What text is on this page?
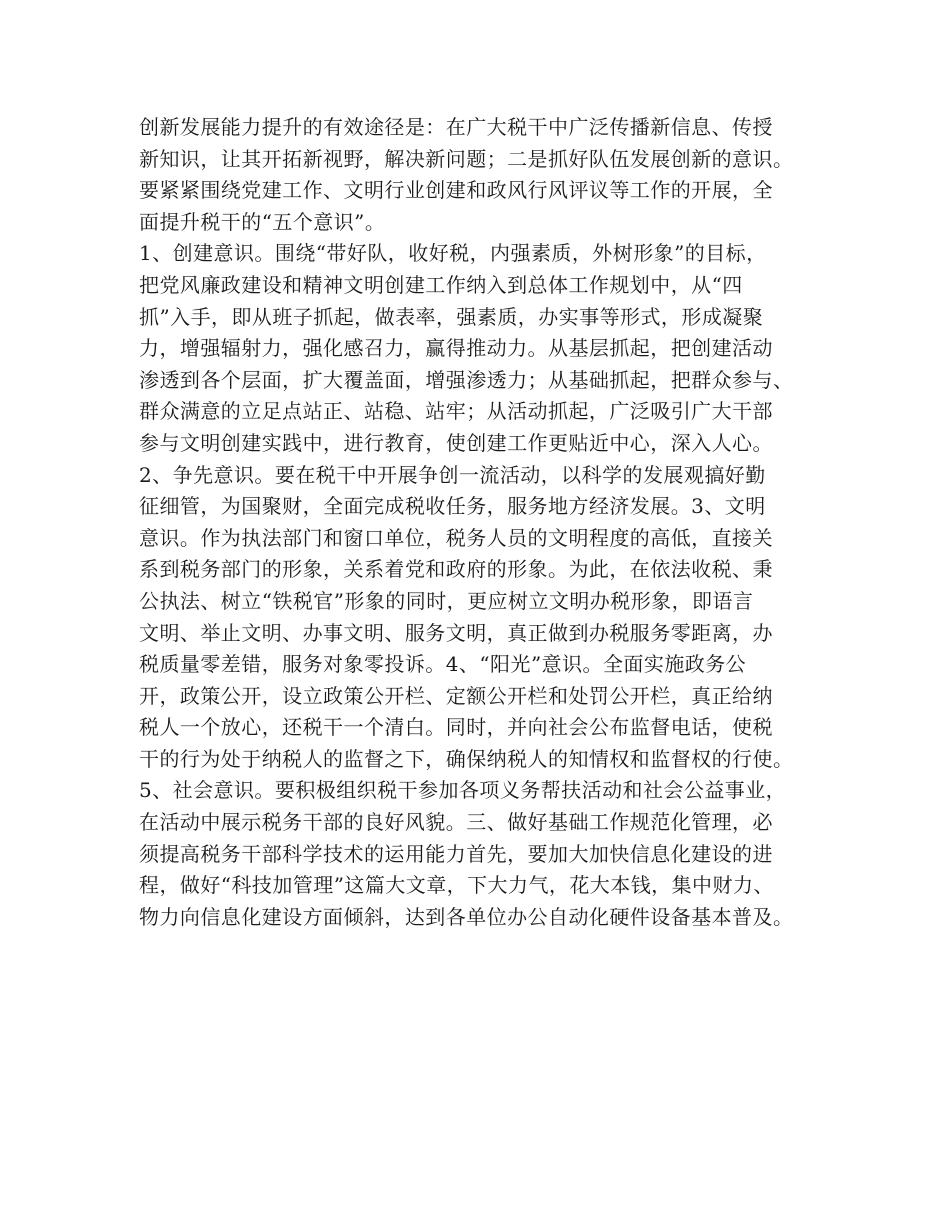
创新发展能力提升的有效途径是：在广大税干中广泛传播新信息、传授
新知识，让其开拓新视野，解决新问题；二是抓好队伍发展创新的意识。
要紧紧围绕党建工作、文明行业创建和政风行风评议等工作的开展，全
面提升税干的“五个意识”。
1、创建意识。围绕“带好队，收好税，内强素质，外树形象”的目标，
把党风廉政建设和精神文明创建工作纳入到总体工作规划中，从“四
抓”入手，即从班子抓起，做表率，强素质，办实事等形式，形成凝聚
力，增强辐射力，强化感召力，赢得推动力。从基层抓起，把创建活动
渗透到各个层面，扩大覆盖面，增强渗透力；从基础抓起，把群众参与、
群众满意的立足点站正、站稳、站牢；从活动抓起，广泛吸引广大干部
参与文明创建实践中，进行教育，使创建工作更贴近中心，深入人心。
2、争先意识。要在税干中开展争创一流活动，以科学的发展观搞好勤
征细管，为国聚财，全面完成税收任务，服务地方经济发展。3、文明
意识。作为执法部门和窗口单位，税务人员的文明程度的高低，直接关
系到税务部门的形象，关系着党和政府的形象。为此，在依法收税、秉
公执法、树立“铁税官”形象的同时，更应树立文明办税形象，即语言
文明、举止文明、办事文明、服务文明，真正做到办税服务零距离，办
税质量零差错，服务对象零投诉。4、“阳光”意识。全面实施政务公
开，政策公开，设立政策公开栏、定额公开栏和处罚公开栏，真正给纳
税人一个放心，还税干一个清白。同时，并向社会公布监督电话，使税
干的行为处于纳税人的监督之下，确保纳税人的知情权和监督权的行使。
5、社会意识。要积极组织税干参加各项义务帮扶活动和社会公益事业，
在活动中展示税务干部的良好风貌。三、做好基础工作规范化管理，必
须提高税务干部科学技术的运用能力首先，要加大加快信息化建设的进
程，做好“科技加管理”这篇大文章，下大力气，花大本钱，集中财力、
物力向信息化建设方面倾斜，达到各单位办公自动化硬件设备基本普及。
